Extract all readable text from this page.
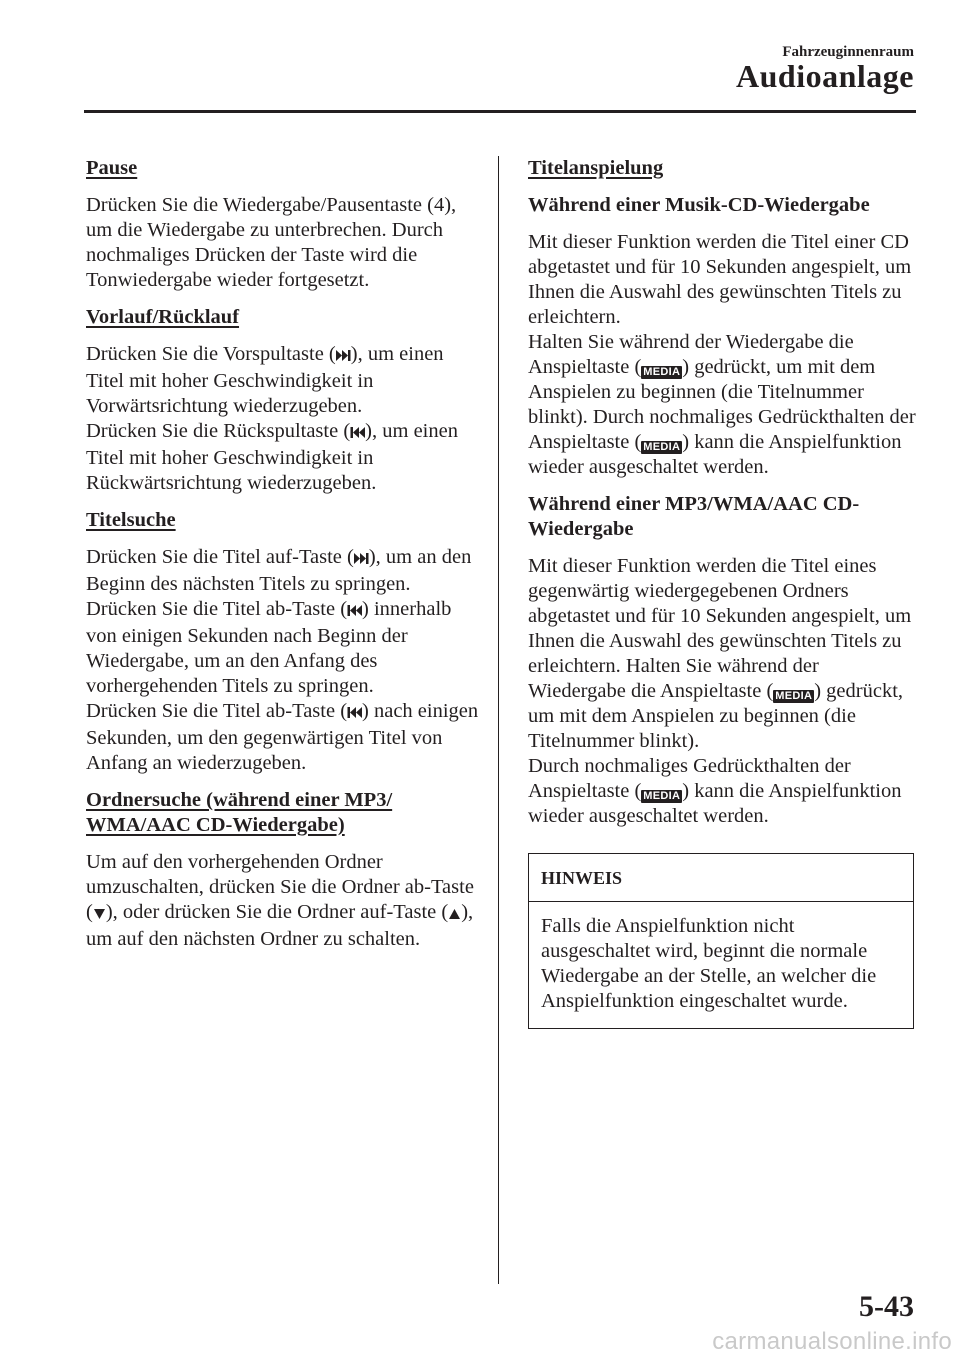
Fahrzeuginnenraum
Audioanlage
Pause

Drücken Sie die Wiedergabe/Pausentaste (4), um die Wiedergabe zu unterbrechen. Durch nochmaliges Drücken der Taste wird die Tonwiedergabe wieder fortgesetzt.

Vorlauf/Rücklauf

Drücken Sie die Vorspultaste ( ), um einen Titel mit hoher Geschwindigkeit in Vorwärtsrichtung wiederzugeben.
Drücken Sie die Rückspultaste ( ), um einen Titel mit hoher Geschwindigkeit in Rückwärtsrichtung wiederzugeben.

Titelsuche

Drücken Sie die Titel auf-Taste ( ), um an den Beginn des nächsten Titels zu springen.
Drücken Sie die Titel ab-Taste ( ) innerhalb von einigen Sekunden nach Beginn der Wiedergabe, um an den Anfang des vorhergehenden Titels zu springen.
Drücken Sie die Titel ab-Taste ( ) nach einigen Sekunden, um den gegenwärtigen Titel von Anfang an wiederzugeben.

Ordnersuche (während einer MP3/
WMA/AAC CD-Wiedergabe)

Um auf den vorhergehenden Ordner umzuschalten, drücken Sie die Ordner ab-Taste ( ), oder drücken Sie die Ordner auf-Taste ( ), um auf den nächsten Ordner zu schalten.

Titelanspielung
Während einer Musik-CD-Wiedergabe

Mit dieser Funktion werden die Titel einer CD abgetastet und für 10 Sekunden angespielt, um Ihnen die Auswahl des gewünschten Titels zu erleichtern.
Halten Sie während der Wiedergabe die Anspieltaste ( MEDIA) gedrückt, um mit dem Anspielen zu beginnen (die Titelnummer blinkt). Durch nochmaliges Gedrückthalten der Anspieltaste ( MEDIA) kann die Anspielfunktion wieder ausgeschaltet werden.

Während einer MP3/WMA/AAC CD-Wiedergabe

Mit dieser Funktion werden die Titel eines gegenwärtig wiedergegebenen Ordners abgetastet und für 10 Sekunden angespielt, um Ihnen die Auswahl des gewünschten Titels zu erleichtern. Halten Sie während der Wiedergabe die Anspieltaste ( MEDIA) gedrückt, um mit dem Anspielen zu beginnen (die Titelnummer blinkt).
Durch nochmaliges Gedrückthalten der Anspieltaste ( MEDIA) kann die Anspielfunktion wieder ausgeschaltet werden.

HINWEIS
Falls die Anspielfunktion nicht ausgeschaltet wird, beginnt die normale Wiedergabe an der Stelle, an welcher die Anspielfunktion eingeschaltet wurde.
5-43
carmanualsonline.info
